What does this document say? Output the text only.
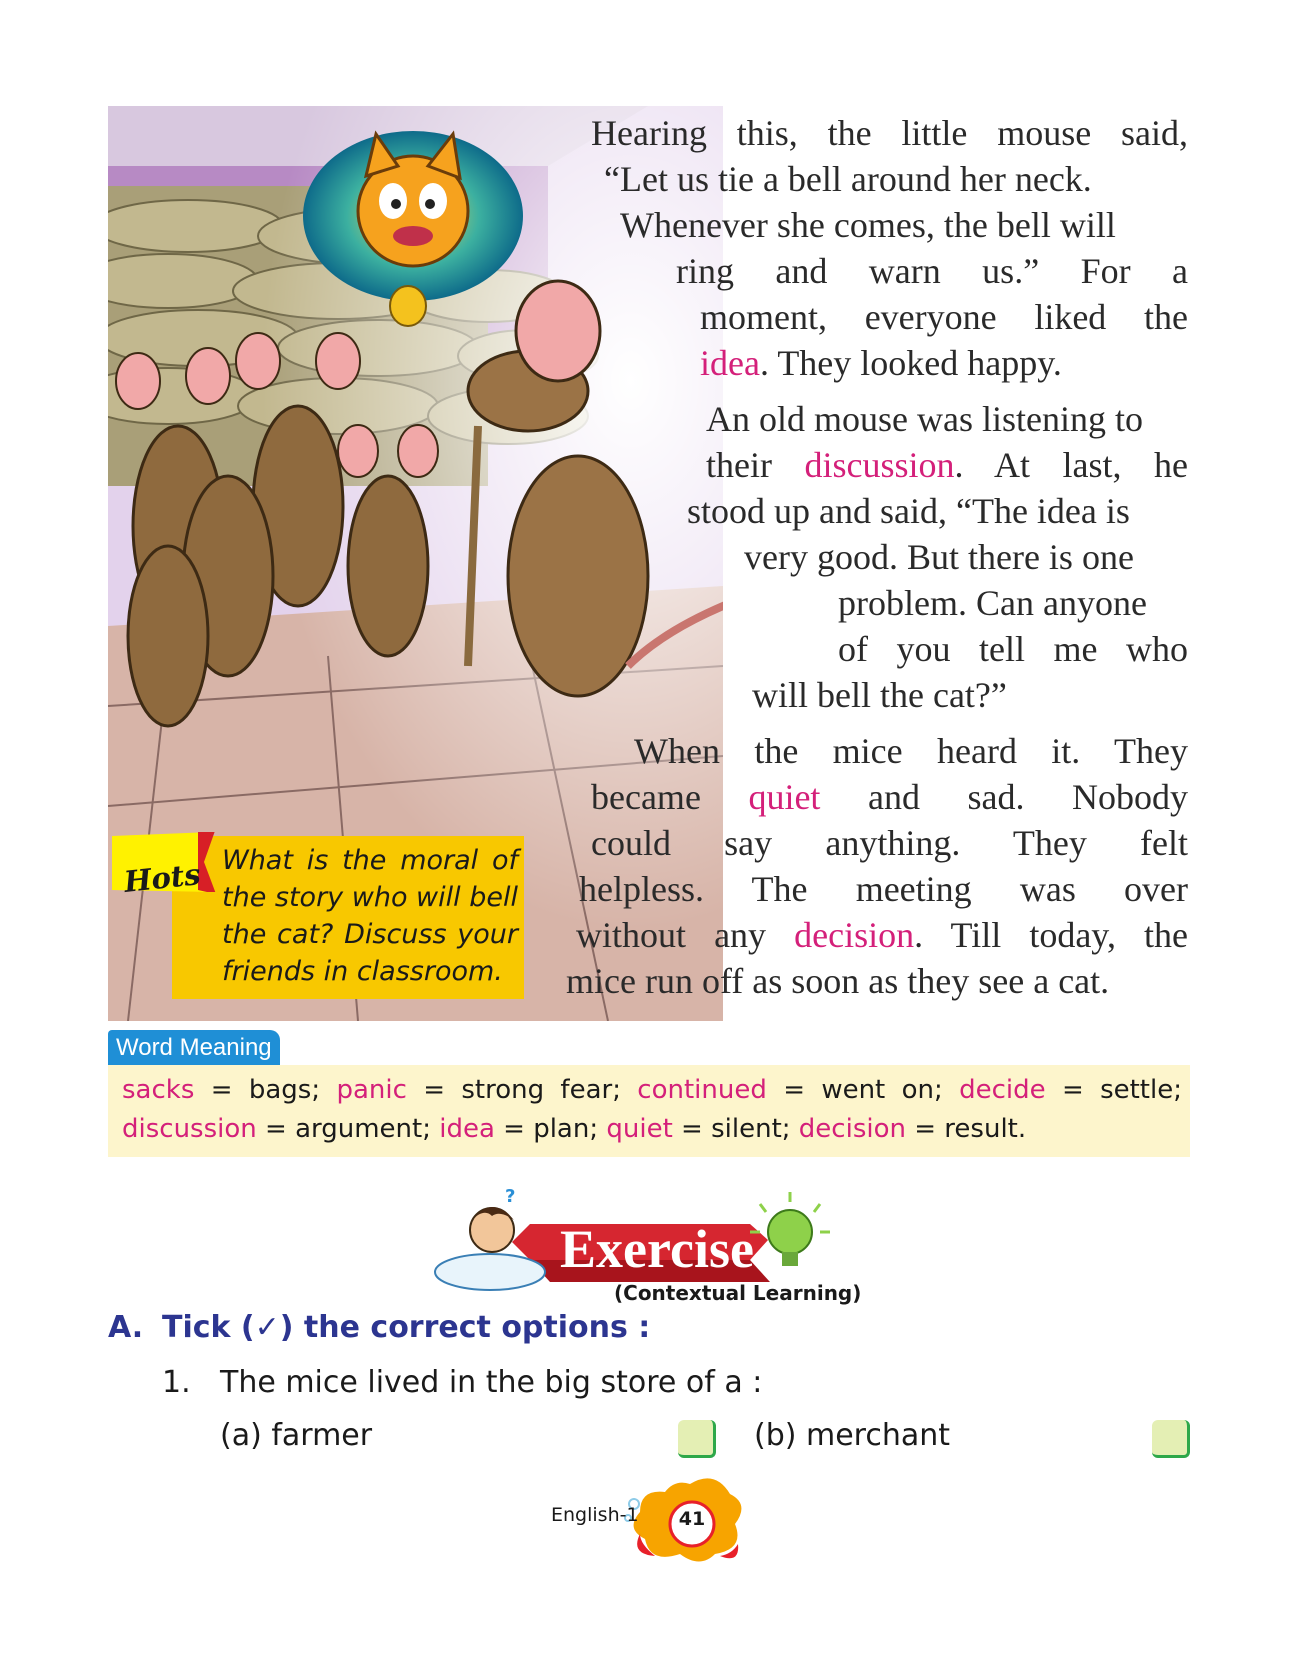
Hearing this, the little mouse said,
“Let us tie a bell around her neck.
Whenever she comes, the bell will
ring and warn us.” For a
moment, everyone liked the
idea. They looked happy.
An old mouse was listening to
their discussion. At last, he
stood up and said, “The idea is
very good. But there is one
problem. Can anyone
of you tell me who
will bell the cat?”
When the mice heard it. They
became quiet and sad. Nobody
could say anything. They felt
helpless. The meeting was over
without any decision. Till today, the
mice run off as soon as they see a cat.
Hots What is the moral of the story who will bell the cat? Discuss your friends in classroom.
Word Meaning
sacks = bags; panic = strong fear; continued = went on; decide = settle; discussion = argument; idea = plan; quiet = silent; decision = result.
?
Exercise
(Contextual Learning)
A. Tick (✓) the correct options :
1. The mice lived in the big store of a :
(a) farmer	(b) merchant
English-1 41
